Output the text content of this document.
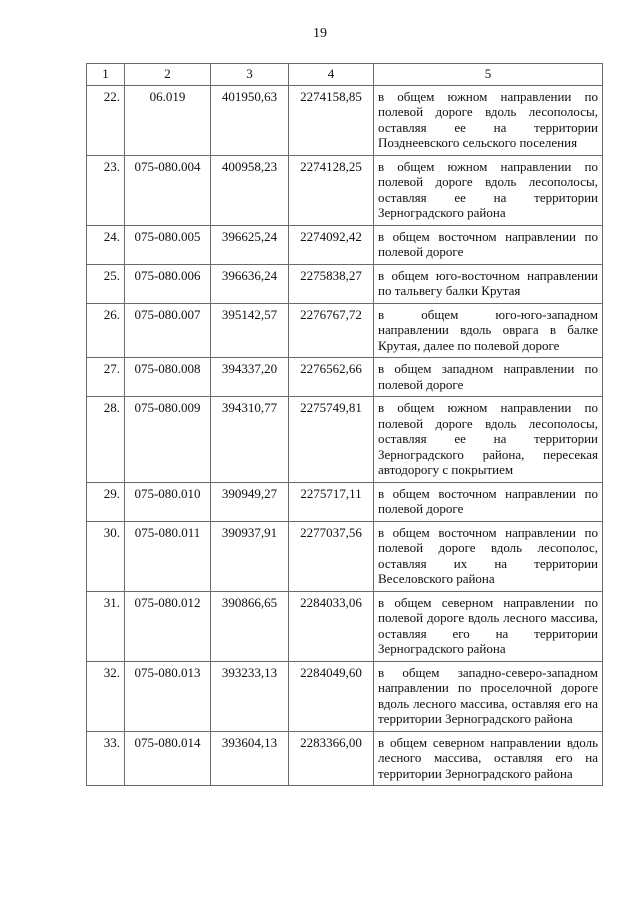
19
1	2	3	4	5
22.	06.019	401950,63	2274158,85	в общем южном направлении по полевой дороге вдоль лесополосы, оставляя ее на территории Позднеевского сельского поселения
23.	075-080.004	400958,23	2274128,25	в общем южном направлении по полевой дороге вдоль лесополосы, оставляя ее на территории Зерноградского района
24.	075-080.005	396625,24	2274092,42	в общем восточном направлении по полевой дороге
25.	075-080.006	396636,24	2275838,27	в общем юго-восточном направлении по тальвегу балки Крутая
26.	075-080.007	395142,57	2276767,72	в общем юго-юго-западном направлении вдоль оврага в балке Крутая, далее по полевой дороге
27.	075-080.008	394337,20	2276562,66	в общем западном направлении по полевой дороге
28.	075-080.009	394310,77	2275749,81	в общем южном направлении по полевой дороге вдоль лесополосы, оставляя ее на территории Зерноградского района, пересекая автодорогу с покрытием
29.	075-080.010	390949,27	2275717,11	в общем восточном направлении по полевой дороге
30.	075-080.011	390937,91	2277037,56	в общем восточном направлении по полевой дороге вдоль лесополос, оставляя их на территории Веселовского района
31.	075-080.012	390866,65	2284033,06	в общем северном направлении по полевой дороге вдоль лесного массива, оставляя его на территории Зерноградского района
32.	075-080.013	393233,13	2284049,60	в общем западно-северо-западном направлении по проселочной дороге вдоль лесного массива, оставляя его на территории Зерноградского района
33.	075-080.014	393604,13	2283366,00	в общем северном направлении вдоль лесного массива, оставляя его на территории Зерноградского района
